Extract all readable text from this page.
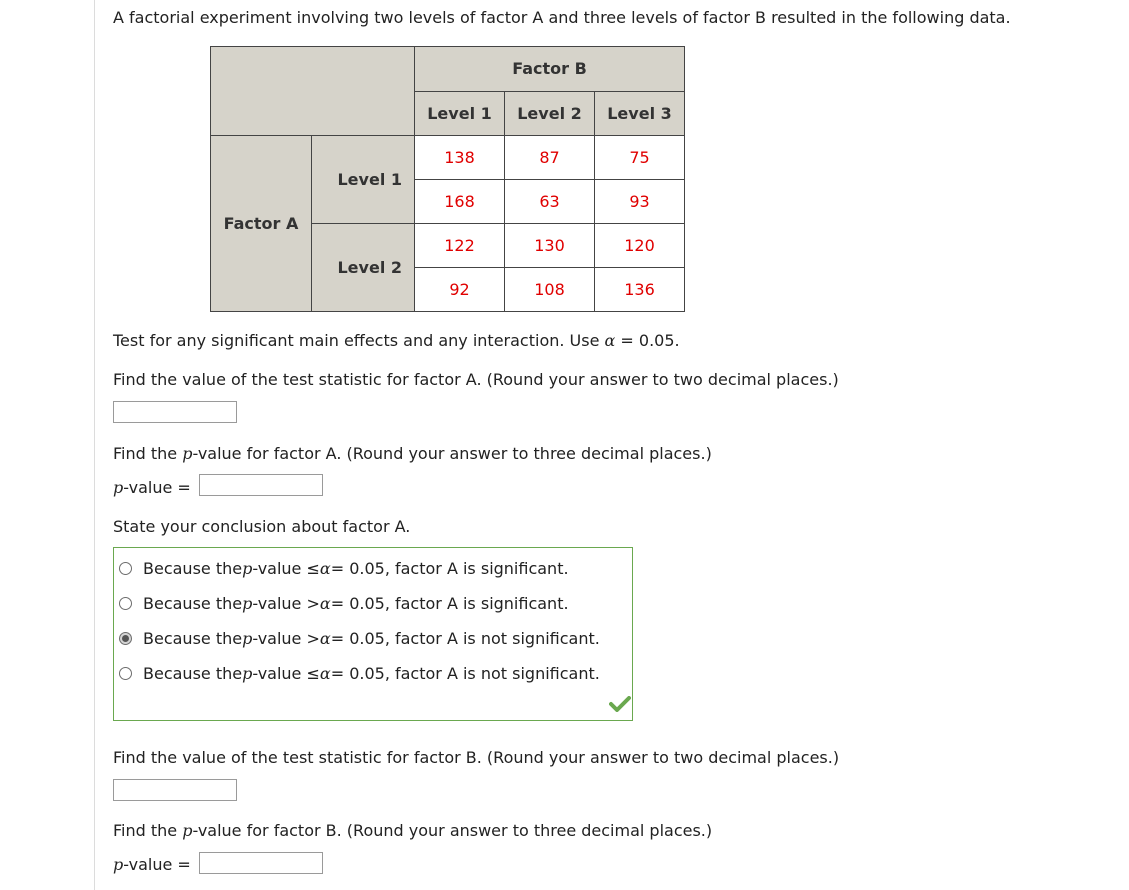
A factorial experiment involving two levels of factor A and three levels of factor B resulted in the following data.
		Factor B		
		Level 1	Level 2	Level 3
Factor A	Level 1	138	87	75
		168	63	93
	Level 2	122	130	120
		92	108	136
Test for any significant main effects and any interaction. Use α = 0.05.
Find the value of the test statistic for factor A. (Round your answer to two decimal places.)
Find the p-value for factor A. (Round your answer to three decimal places.)
p-value =
State your conclusion about factor A.
Because the p -value ≤ α = 0.05, factor A is significant.
Because the p -value > α = 0.05, factor A is significant.
Because the p -value > α = 0.05, factor A is not significant.
Because the p -value ≤ α = 0.05, factor A is not significant.
Find the value of the test statistic for factor B. (Round your answer to two decimal places.)
Find the p-value for factor B. (Round your answer to three decimal places.)
p-value =
